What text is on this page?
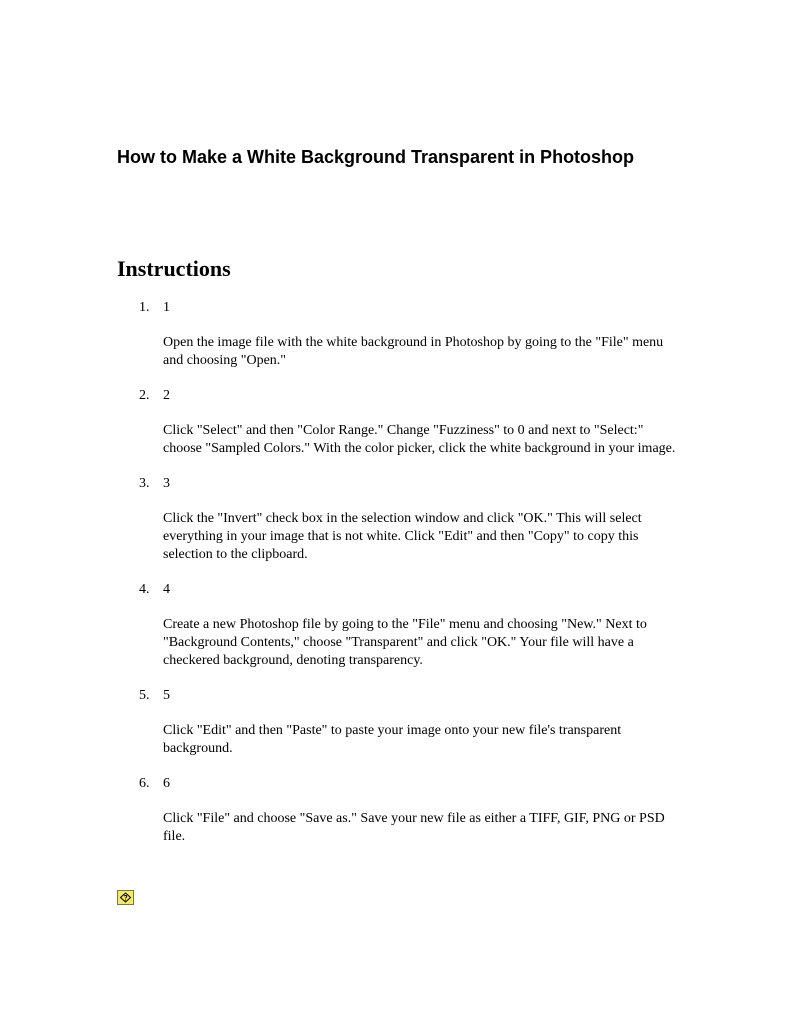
How to Make a White Background Transparent in Photoshop
Instructions
1. 1
Open the image file with the white background in Photoshop by going to the "File" menu and choosing "Open."
2. 2
Click "Select" and then "Color Range." Change "Fuzziness" to 0 and next to "Select:" choose "Sampled Colors." With the color picker, click the white background in your image.
3. 3
Click the "Invert" check box in the selection window and click "OK." This will select everything in your image that is not white. Click "Edit" and then "Copy" to copy this selection to the clipboard.
4. 4
Create a new Photoshop file by going to the "File" menu and choosing "New." Next to "Background Contents," choose "Transparent" and click "OK." Your file will have a checkered background, denoting transparency.
5. 5
Click "Edit" and then "Paste" to paste your image onto your new file's transparent background.
6. 6
Click "File" and choose "Save as." Save your new file as either a TIFF, GIF, PNG or PSD file.
